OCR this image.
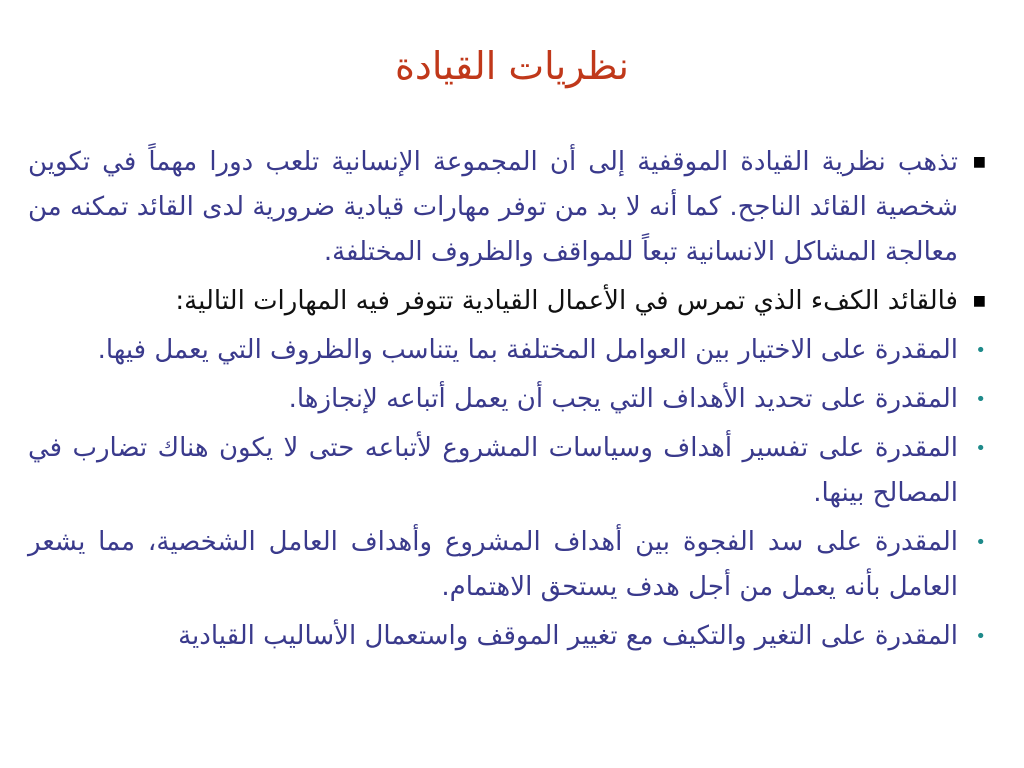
نظريات القيادة

■
تذهب نظرية القيادة الموقفية إلى أن المجموعة الإنسانية تلعب دورا مهماً في تكوين شخصية القائد الناجح. كما أنه لا بد من توفر مهارات قيادية ضرورية لدى القائد تمكنه من معالجة المشاكل الانسانية تبعاً للمواقف والظروف المختلفة.

■
فالقائد الكفء الذي تمرس في الأعمال القيادية تتوفر فيه المهارات التالية:

•
المقدرة على الاختيار بين العوامل المختلفة بما يتناسب والظروف التي يعمل فيها.

•
المقدرة على تحديد الأهداف التي يجب أن يعمل أتباعه لإنجازها.

•
المقدرة على تفسير أهداف وسياسات المشروع لأتباعه حتى لا يكون هناك تضارب في المصالح بينها.

•
المقدرة على سد الفجوة بين أهداف المشروع وأهداف العامل الشخصية، مما يشعر العامل بأنه يعمل من أجل هدف يستحق الاهتمام.

•
المقدرة على التغير والتكيف مع تغيير الموقف واستعمال الأساليب القيادية
